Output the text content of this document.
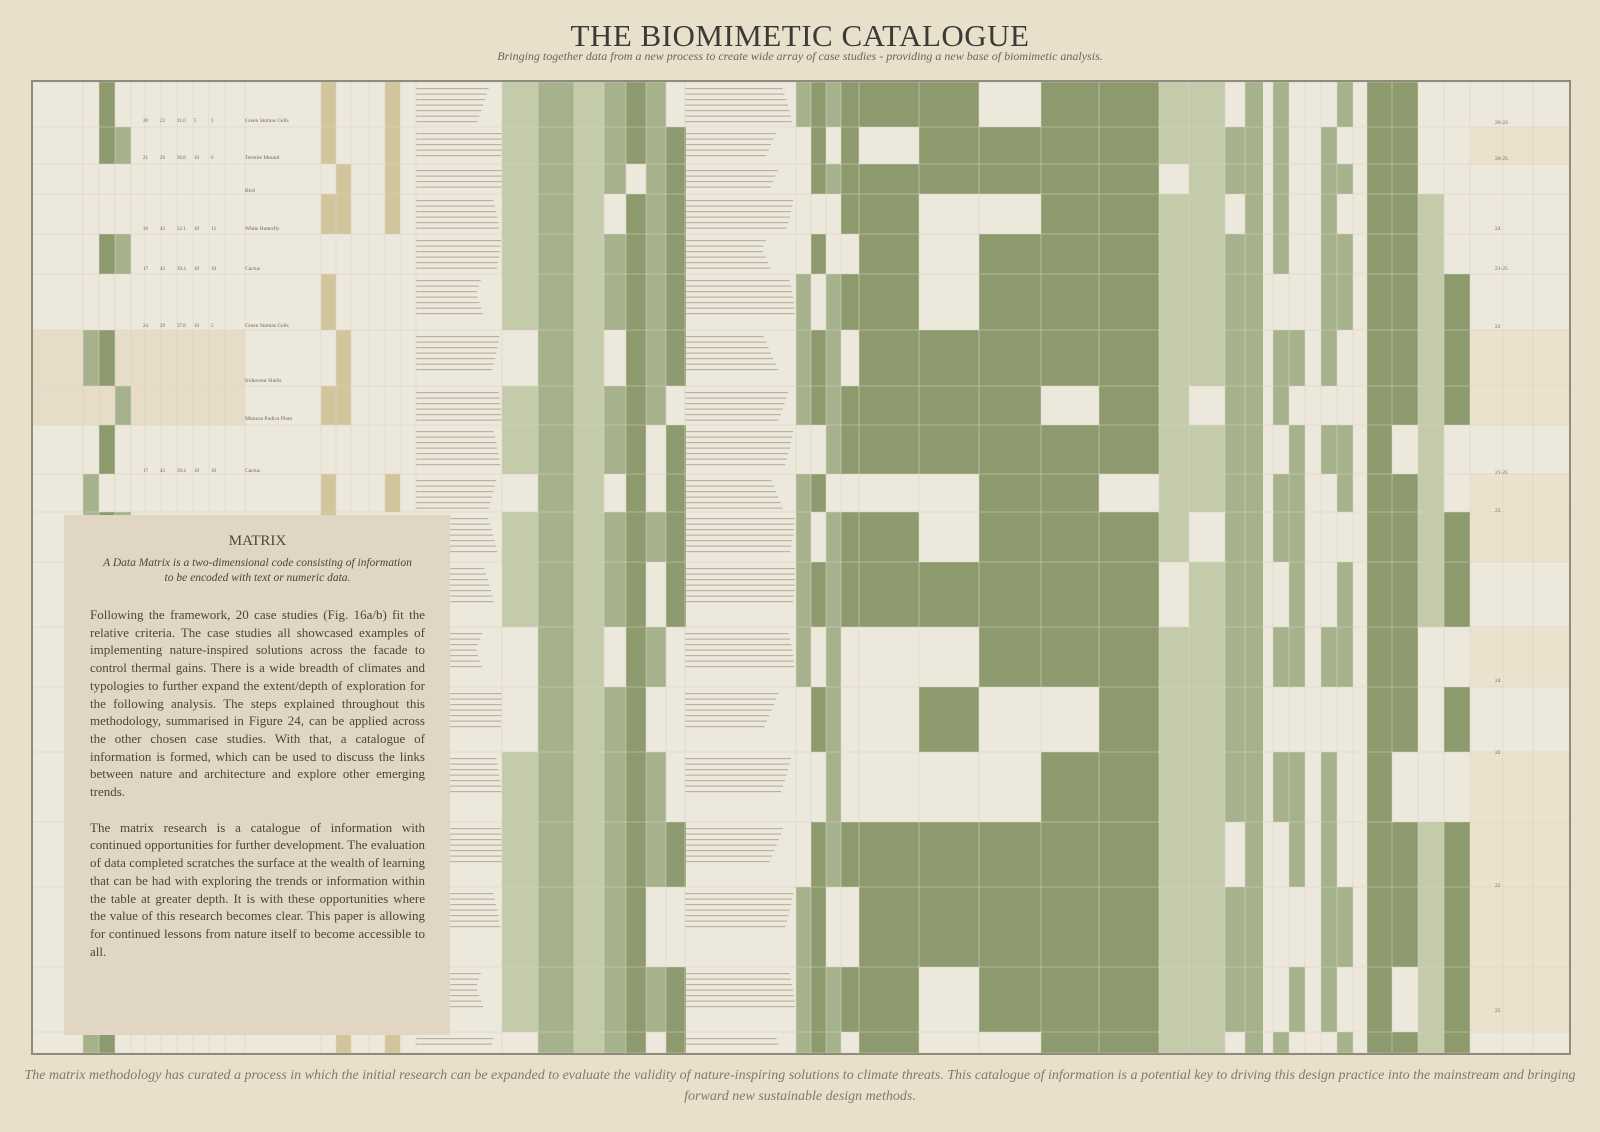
THE BIOMIMETIC CATALOGUE
Bringing together data from a new process to create wide array of case studies - providing a new base of biomimetic analysis.
Green Stomas Cells
Termite Mound
Bird
White Butterfly
Cactus
Green Stomas Cells
Iridescent Shells
Mimosa Pudica Plant
Cactus
20 23 31.0 5	3
21 26 36.8 10 6
30 42 52.1 10 12
17 45 39.4 10 10
24 29 37.8 10 5
17 45 39.4 10 10
20-22
20-25
24
21-25
22
21-25
25
24
22
22
25
MATRIX
A Data Matrix is a two-dimensional code consisting of information to be encoded with text or numeric data.

Following the framework, 20 case studies (Fig. 16a/b) fit the relative criteria. The case studies all showcased examples of implementing nature-inspired solutions across the facade to control thermal gains. There is a wide breadth of climates and typologies to further expand the extent/depth of exploration for the following analysis. The steps explained throughout this methodology, summarised in Figure 24, can be applied across the other chosen case studies. With that, a catalogue of information is formed, which can be used to discuss the links between nature and architecture and explore other emerging trends.

The matrix research is a catalogue of information with continued opportunities for further development. The evaluation of data completed scratches the surface at the wealth of learning that can be had with exploring the trends or information within the table at greater depth. It is with these opportunities where the value of this research becomes clear. This paper is allowing for continued lessons from nature itself to become accessible to all.

The matrix methodology has curated a process in which the initial research can be expanded to evaluate the validity of nature-inspiring solutions to climate threats. This catalogue of information is a potential key to driving this design practice into the mainstream and bringing forward new sustainable design methods.
